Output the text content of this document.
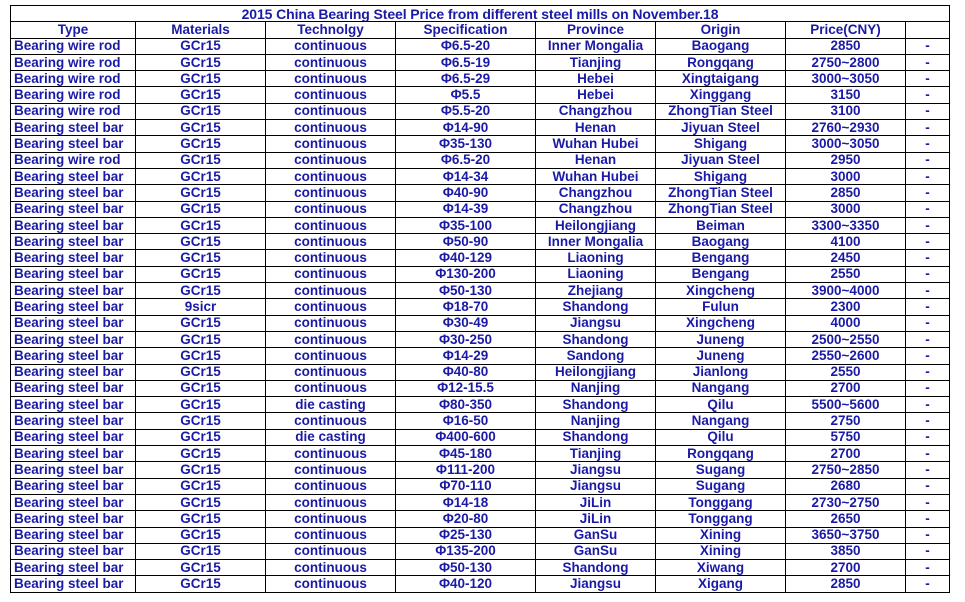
2015 China Bearing Steel Price from different steel mills on November.18							
Type	Materials	Technolgy	Specification	Province	Origin	Price(CNY)	
Bearing wire rod	GCr15	continuous	Φ6.5-20	Inner Mongalia	Baogang	2850	-
Bearing wire rod	GCr15	continuous	Φ6.5-19	Tianjing	Rongqang	2750~2800	-
Bearing wire rod	GCr15	continuous	Φ6.5-29	Hebei	Xingtaigang	3000~3050	-
Bearing wire rod	GCr15	continuous	Φ5.5	Hebei	Xinggang	3150	-
Bearing wire rod	GCr15	continuous	Φ5.5-20	Changzhou	ZhongTian Steel	3100	-
Bearing steel bar	GCr15	continuous	Φ14-90	Henan	Jiyuan Steel	2760~2930	-
Bearing steel bar	GCr15	continuous	Φ35-130	Wuhan Hubei	Shigang	3000~3050	-
Bearing wire rod	GCr15	continuous	Φ6.5-20	Henan	Jiyuan Steel	2950	-
Bearing steel bar	GCr15	continuous	Φ14-34	Wuhan Hubei	Shigang	3000	-
Bearing steel bar	GCr15	continuous	Φ40-90	Changzhou	ZhongTian Steel	2850	-
Bearing steel bar	GCr15	continuous	Φ14-39	Changzhou	ZhongTian Steel	3000	-
Bearing steel bar	GCr15	continuous	Φ35-100	Heilongjiang	Beiman	3300~3350	-
Bearing steel bar	GCr15	continuous	Φ50-90	Inner Mongalia	Baogang	4100	-
Bearing steel bar	GCr15	continuous	Φ40-129	Liaoning	Bengang	2450	-
Bearing steel bar	GCr15	continuous	Φ130-200	Liaoning	Bengang	2550	-
Bearing steel bar	GCr15	continuous	Φ50-130	Zhejiang	Xingcheng	3900~4000	-
Bearing steel bar	9sicr	continuous	Φ18-70	Shandong	Fulun	2300	-
Bearing steel bar	GCr15	continuous	Φ30-49	Jiangsu	Xingcheng	4000	-
Bearing steel bar	GCr15	continuous	Φ30-250	Shandong	Juneng	2500~2550	-
Bearing steel bar	GCr15	continuous	Φ14-29	Sandong	Juneng	2550~2600	-
Bearing steel bar	GCr15	continuous	Φ40-80	Heilongjiang	Jianlong	2550	-
Bearing steel bar	GCr15	continuous	Φ12-15.5	Nanjing	Nangang	2700	-
Bearing steel bar	GCr15	die casting	Φ80-350	Shandong	Qilu	5500~5600	-
Bearing steel bar	GCr15	continuous	Φ16-50	Nanjing	Nangang	2750	-
Bearing steel bar	GCr15	die casting	Φ400-600	Shandong	Qilu	5750	-
Bearing steel bar	GCr15	continuous	Φ45-180	Tianjing	Rongqang	2700	-
Bearing steel bar	GCr15	continuous	Φ111-200	Jiangsu	Sugang	2750~2850	-
Bearing steel bar	GCr15	continuous	Φ70-110	Jiangsu	Sugang	2680	-
Bearing steel bar	GCr15	continuous	Φ14-18	JiLin	Tonggang	2730~2750	-
Bearing steel bar	GCr15	continuous	Φ20-80	JiLin	Tonggang	2650	-
Bearing steel bar	GCr15	continuous	Φ25-130	GanSu	Xining	3650~3750	-
Bearing steel bar	GCr15	continuous	Φ135-200	GanSu	Xining	3850	-
Bearing steel bar	GCr15	continuous	Φ50-130	Shandong	Xiwang	2700	-
Bearing steel bar	GCr15	continuous	Φ40-120	Jiangsu	Xigang	2850	-
